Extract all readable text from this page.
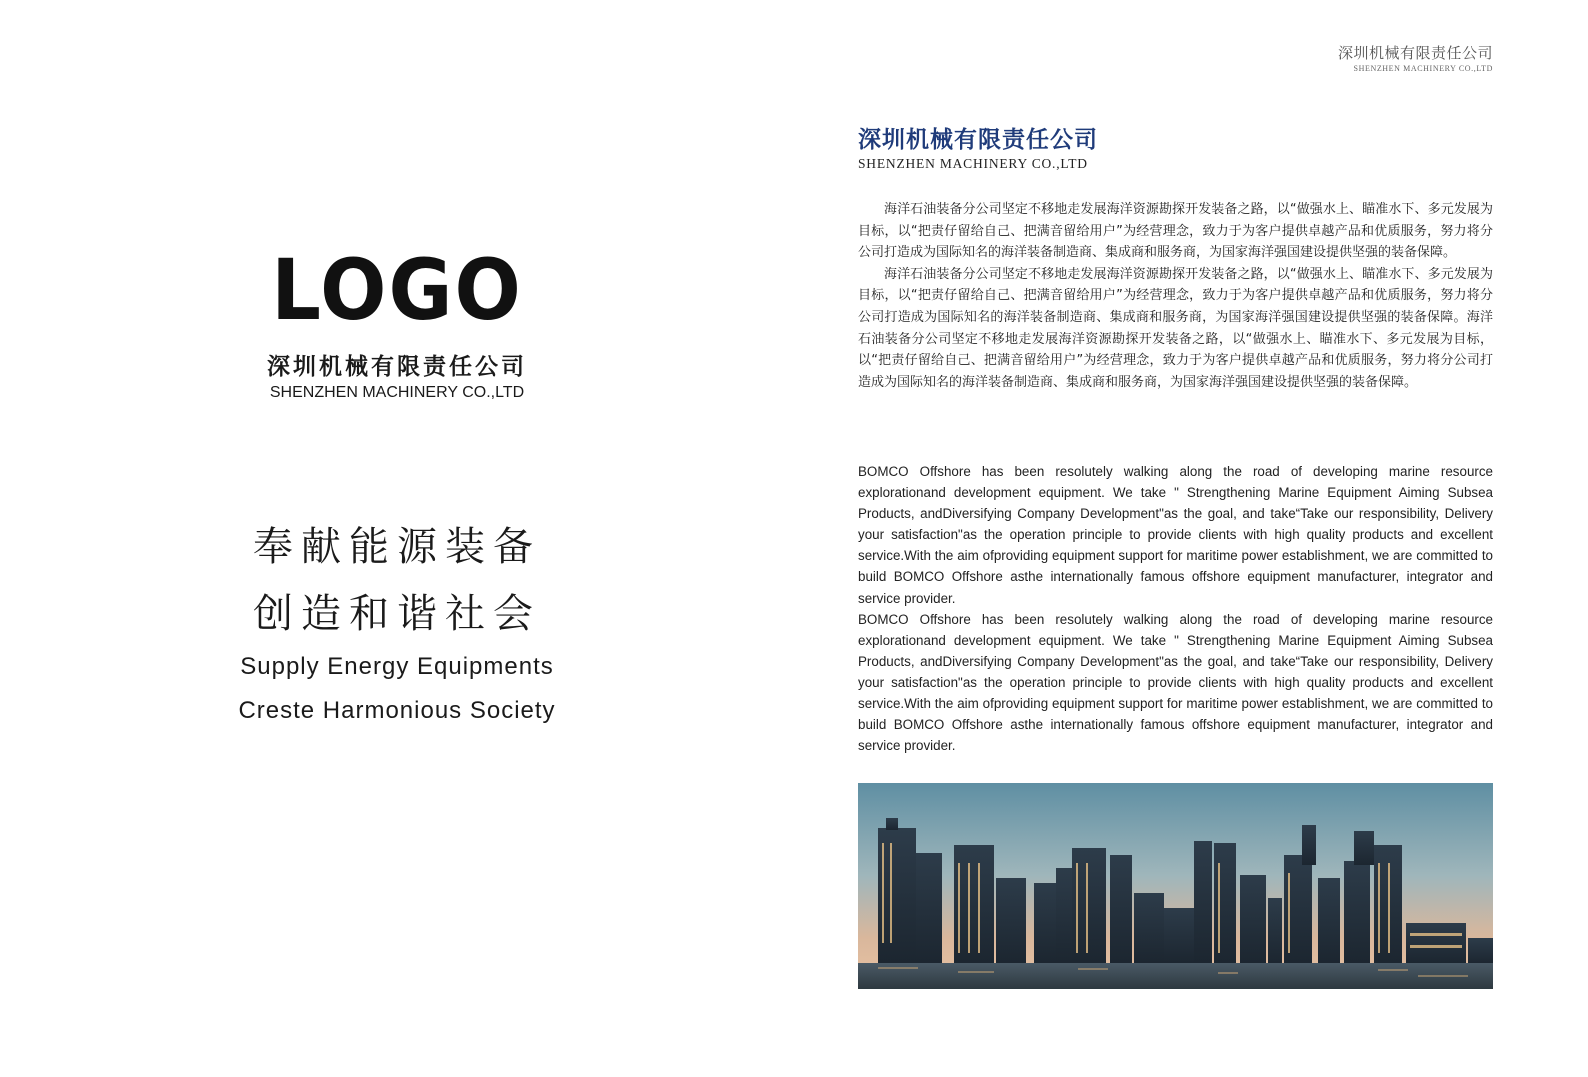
LOGO
深圳机械有限责任公司
SHENZHEN MACHINERY CO.,LTD
奉献能源装备
创造和谐社会
Supply Energy Equipments
Creste Harmonious Society
深圳机械有限责任公司
SHENZHEN MACHINERY CO.,LTD
深圳机械有限责任公司
SHENZHEN MACHINERY CO.,LTD

海洋石油装备分公司坚定不移地走发展海洋资源勘探开发装备之路，以“做强水上、瞄准水下、多元发展为目标，以“把责仔留给自己、把满音留给用户”为经营理念，致力于为客户提供卓越产品和优质服务，努力将分公司打造成为国际知名的海洋装备制造商、集成商和服务商，为国家海洋强国建设提供坚强的装备保障。

海洋石油装备分公司坚定不移地走发展海洋资源勘探开发装备之路，以“做强水上、瞄准水下、多元发展为目标，以“把责仔留给自己、把满音留给用户”为经营理念，致力于为客户提供卓越产品和优质服务，努力将分公司打造成为国际知名的海洋装备制造商、集成商和服务商，为国家海洋强国建设提供坚强的装备保障。海洋石油装备分公司坚定不移地走发展海洋资源勘探开发装备之路，以“做强水上、瞄准水下、多元发展为目标，以“把责仔留给自己、把满音留给用户”为经营理念，致力于为客户提供卓越产品和优质服务，努力将分公司打造成为国际知名的海洋装备制造商、集成商和服务商，为国家海洋强国建设提供坚强的装备保障。

BOMCO Offshore has been resolutely walking along the road of developing marine resource explorationand development equipment. We take " Strengthening Marine Equipment Aiming Subsea Products, andDiversifying Company Development"as the goal, and take“Take our responsibility, Delivery your satisfaction"as the operation principle to provide clients with high quality products and excellent service.With the aim ofproviding equipment support for maritime power establishment, we are committed to build BOMCO Offshore asthe internationally famous offshore equipment manufacturer, integrator and service provider.

BOMCO Offshore has been resolutely walking along the road of developing marine resource explorationand development equipment. We take " Strengthening Marine Equipment Aiming Subsea Products, andDiversifying Company Development"as the goal, and take“Take our responsibility, Delivery your satisfaction"as the operation principle to provide clients with high quality products and excellent service.With the aim ofproviding equipment support for maritime power establishment, we are committed to build BOMCO Offshore asthe internationally famous offshore equipment manufacturer, integrator and service provider.
